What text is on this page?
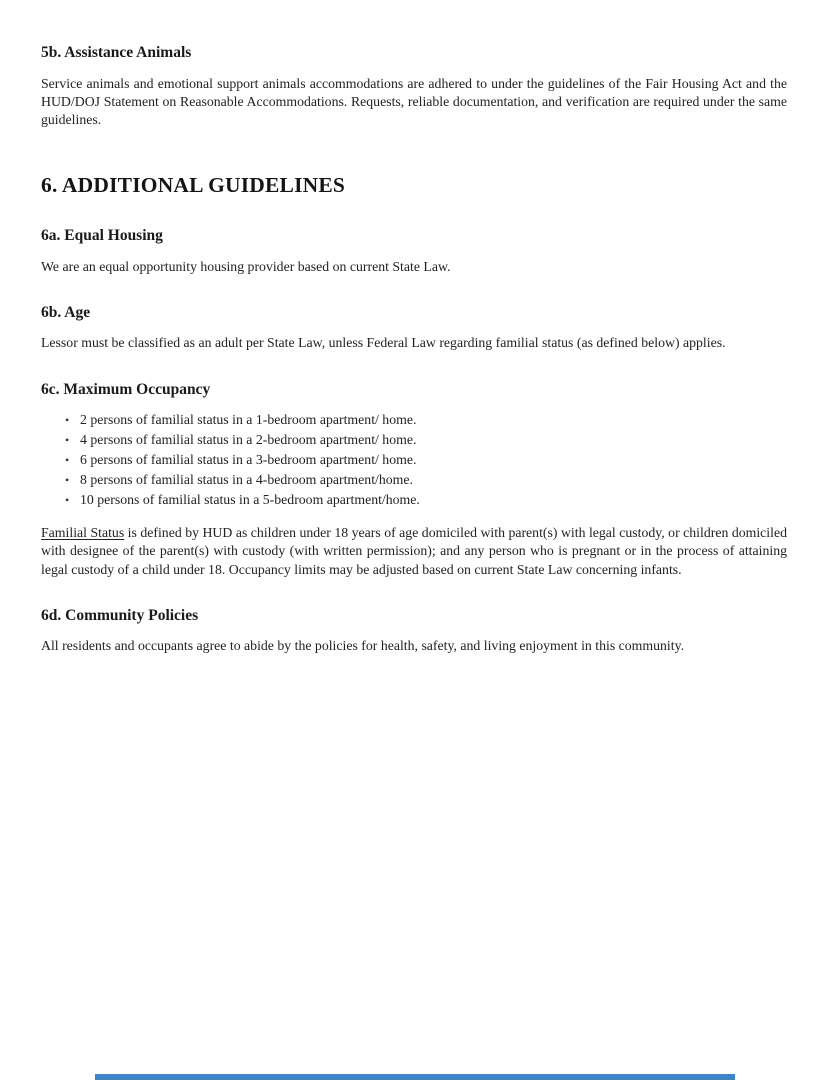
5b. Assistance Animals

Service animals and emotional support animals accommodations are adhered to under the guidelines of the Fair Housing Act and the HUD/DOJ Statement on Reasonable Accommodations. Requests, reliable documentation, and verification are required under the same guidelines.

6. ADDITIONAL GUIDELINES
6a. Equal Housing

We are an equal opportunity housing provider based on current State Law.

6b. Age

Lessor must be classified as an adult per State Law, unless Federal Law regarding familial status (as defined below) applies.

6c. Maximum Occupancy
• 2 persons of familial status in a 1-bedroom apartment/ home.
• 4 persons of familial status in a 2-bedroom apartment/ home.
• 6 persons of familial status in a 3-bedroom apartment/ home.
• 8 persons of familial status in a 4-bedroom apartment/home.
• 10 persons of familial status in a 5-bedroom apartment/home.

Familial Status is defined by HUD as children under 18 years of age domiciled with parent(s) with legal custody, or children domiciled with designee of the parent(s) with custody (with written permission); and any person who is pregnant or in the process of attaining legal custody of a child under 18. Occupancy limits may be adjusted based on current State Law concerning infants.

6d. Community Policies

All residents and occupants agree to abide by the policies for health, safety, and living enjoyment in this community.
